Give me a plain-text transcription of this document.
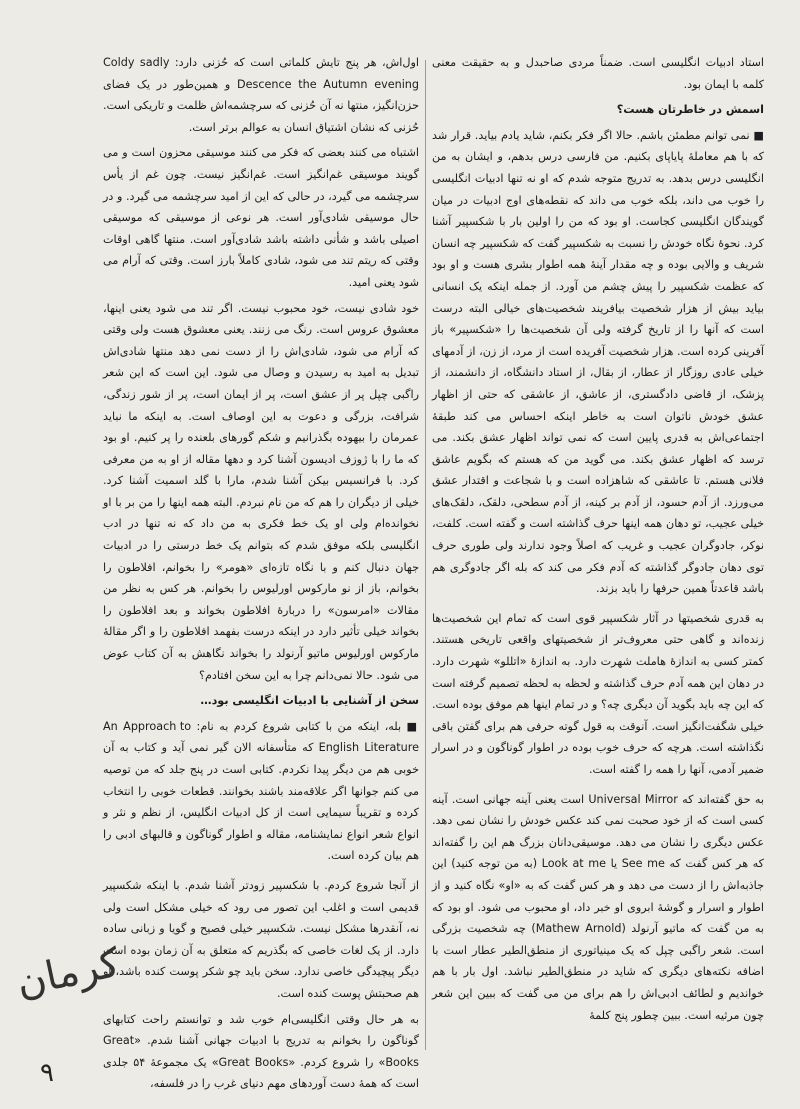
استاد ادبیات انگلیسی است. ضمناً مردی صاحبدل و به حقیقت معنی کلمه با ایمان بود.

اسمش در خاطرتان هست؟

■ نمی توانم مطمئن باشم. حالا اگر فکر بکنم، شاید یادم بیاید. قرار شد که با هم معاملهٔ پایاپای بکنیم. من فارسی درس بدهم، و ایشان به من انگلیسی درس بدهد. به تدریج متوجه شدم که او نه تنها ادبیات انگلیسی را خوب می داند، بلکه خوب می داند که نقطه‌های اوج ادبیات در میان گویندگان انگلیسی کجاست. او بود که من را اولین بار با شکسپیر آشنا کرد. نحوهٔ نگاه خودش را نسبت به شکسپیر گفت که شکسپیر چه انسان شریف و والایی بوده و چه مقدار آینهٔ همه اطوار بشری هست و او بود که عظمت شکسپیر را پیش چشم من آورد. از جمله اینکه یک انسانی بیاید بیش از هزار شخصیت بیافریند شخصیت‌های خیالی البته درست است که آنها را از تاریخ گرفته ولی آن شخصیت‌ها را «شکسپیر» باز آفرینی کرده است. هزار شخصیت آفریده است از مرد، از زن، از آدمهای خیلی عادی روزگار از عطار، از بقال، از استاد دانشگاه، از دانشمند، از پزشک، از قاضی دادگستری، از عاشق، از عاشقی که حتی از اظهار عشق خودش ناتوان است به خاطر اینکه احساس می کند طبقهٔ اجتماعی‌اش به قدری پایین است که نمی تواند اظهار عشق بکند. می ترسد که اظهار عشق بکند. می گوید من که هستم که بگویم عاشق فلانی هستم. تا عاشقی که شاهزاده است و با شجاعت و اقتدار عشق می‌ورزد. از آدم حسود، از آدم بر کینه، از آدم سطحی، دلقک، دلقک‌های خیلی عجیب، تو دهان همه اینها حرف گذاشته است و گفته است. کلفت، نوکر، جادوگران عجیب و غریب که اصلاً وجود ندارند ولی طوری حرف توی دهان جادوگر گذاشته که آدم فکر می کند که بله اگر جادوگری هم باشد قاعدتاً همین حرفها را باید بزند.

به قدری شخصیتها در آثار شکسپیر قوی است که تمام این شخصیت‌ها زنده‌اند و گاهی حتی معروف‌تر از شخصیتهای واقعی تاریخی هستند. کمتر کسی به اندازهٔ هاملت شهرت دارد. به اندازهٔ «اتللو» شهرت دارد. در دهان این همه آدم حرف گذاشته و لحظه به لحظه تصمیم گرفته است که این چه باید بگوید آن دیگری چه؟ و در تمام اینها هم موفق بوده است. خیلی شگفت‌انگیز است. آنوقت به قول گوته حرفی هم برای گفتن باقی نگذاشته است. هرچه که حرف خوب بوده در اطوار گوناگون و در اسرار ضمیر آدمی، آنها را همه را گفته است.

به حق گفته‌اند که Universal Mirror است یعنی آینه جهانی است. آینه کسی است که از خود صحبت نمی کند عکس خودش را نشان نمی دهد. عکس دیگری را نشان می دهد. موسیقی‌دانان بزرگ هم این را گفته‌اند که هر کس گفت که See me یا Look at me (به من توجه کنید) این جاذبه‌اش را از دست می دهد و هر کس گفت که به «او» نگاه کنید و از اطوار و اسرار و گوشهٔ ابروی او خبر داد، او محبوب می شود. او بود که به من گفت که ماتیو آرنولد (Mathew Arnold) چه شخصیت بزرگی است. شعر راگبی چپل که یک مینیاتوری از منطق‌الطیر عطار است با اضافه نکته‌های دیگری که شاید در منطق‌الطیر نباشد. اول بار با هم خواندیم و لطائف ادبی‌اش را هم برای من می گفت که ببین این شعر چون مرثیه است. ببین چطور پنج کلمهٔ

اول‌اش، هر پنج تایش کلماتی است که حُزنی دارد: Coldy sadly Descence the Autumn evening و همین‌طور در یک فضای حزن‌انگیز، منتها نه آن حُزنی که سرچشمه‌اش ظلمت و تاریکی است. حُزنی که نشان اشتیاق انسان به عوالم برتر است.

اشتباه می کنند بعضی که فکر می کنند موسیقی محزون است و می گویند موسیقی غم‌انگیز است. غم‌انگیز نیست. چون غم از یأس سرچشمه می گیرد، در حالی که این از امید سرچشمه می گیرد. و در حال موسیقی شادی‌آور است. هر نوعی از موسیقی که موسیقی اصیلی باشد و شأنی داشته باشد شادی‌آور است. منتها گاهی اوقات وقتی که ریتم تند می شود، شادی کاملاً بارز است. وقتی که آرام می شود یعنی امید.

خود شادی نیست، خود محبوب نیست. اگر تند می شود یعنی اینها، معشوق عروس است. رنگ می زنند. یعنی معشوق هست ولی وقتی که آرام می شود، شادی‌اش را از دست نمی دهد منتها شادی‌اش تبدیل به امید به رسیدن و وصال می شود. این است که این شعر راگبی چپل پر از عشق است، پر از ایمان است، پر از شور زندگی، شرافت، بزرگی و دعوت به این اوصاف است. به اینکه ما نباید عمرمان را بیهوده بگذرانیم و شکم گورهای بلعنده را پر کنیم. او بود که ما را با ژوزف ادیسون آشنا کرد و دهها مقاله از او به من معرفی کرد. با فرانسیس بیکن آشنا شدم، مارا با گلد اسمیت آشنا کرد. خیلی از دیگران را هم که من نام نبردم. البته همه اینها را من بر با او نخوانده‌ام ولی او یک خط فکری به من داد که نه تنها در ادب انگلیسی بلکه موفق شدم که بتوانم یک خط درستی را در ادبیات جهان دنبال کنم و با نگاه تازه‌ای «هومر» را بخوانم، افلاطون را بخوانم، باز از نو مارکوس اورلیوس را بخوانم. هر کس به نظر من مقالات «امرسون» را دربارهٔ افلاطون بخواند و بعد افلاطون را بخواند خیلی تأثیر دارد در اینکه درست بفهمد افلاطون را و اگر مقالهٔ مارکوس اورلیوس ماتیو آرنولد را بخواند نگاهش به آن کتاب عوض می شود. حالا نمی‌دانم چرا به این سخن افتادم؟

سخن از آشنایی با ادبیات انگلیسی بود…

■ بله، اینکه من با کتابی شروع کردم به نام: An Approach to English Literature که متأسفانه الان گیر نمی آید و کتاب به آن خوبی هم من دیگر پیدا نکردم. کتابی است در پنج جلد که من توصیه می کنم جوانها اگر علاقه‌مند باشند بخوانند. قطعات خوبی را انتخاب کرده و تقریباً سیمایی است از کل ادبیات انگلیس، از نظم و نثر و انواع شعر انواع نمایشنامه، مقاله و اطوار گوناگون و قالبهای ادبی را هم بیان کرده است.

از آنجا شروع کردم. با شکسپیر زودتر آشنا شدم. با اینکه شکسپیر قدیمی است و اغلب این تصور می رود که خیلی مشکل است ولی نه، آنقدرها مشکل نیست. شکسپیر خیلی فصیح و گویا و زبانی ساده دارد. از یک لغات خاصی که بگذریم که متعلق به آن زمان بوده است دیگر پیچیدگی خاصی ندارد. سخن باید چو شکر پوست کنده باشد، او هم صحبتش پوست کنده است.

به هر حال وقتی انگلیسی‌ام خوب شد و توانستم راحت کتابهای گوناگون را بخوانم به تدریج با ادبیات جهانی آشنا شدم. «Great Books» را شروع کردم. «Great Books» یک مجموعهٔ ۵۴ جلدی است که همهٔ دست آوردهای مهم دنیای غرب را در فلسفه،

کرمان
۹
